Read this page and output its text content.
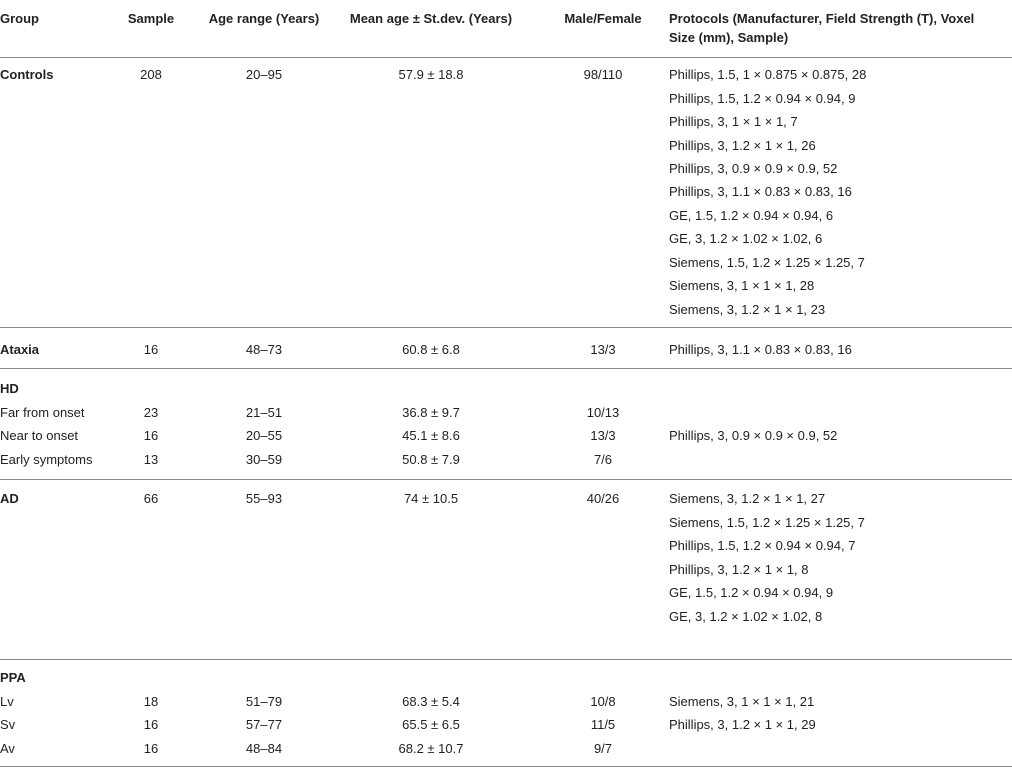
Group	Sample	Age range (Years)	Mean age ± St.dev. (Years)	Male/Female	Protocols (Manufacturer, Field Strength (T), Voxel
Size (mm), Sample)
Controls	208	20–95	57.9 ± 18.8	98/110	Phillips, 1.5, 1 × 0.875 × 0.875, 28
Phillips, 1.5, 1.2 × 0.94 × 0.94, 9
Phillips, 3, 1 × 1 × 1, 7
Phillips, 3, 1.2 × 1 × 1, 26
Phillips, 3, 0.9 × 0.9 × 0.9, 52
Phillips, 3, 1.1 × 0.83 × 0.83, 16
GE, 1.5, 1.2 × 0.94 × 0.94, 6
GE, 3, 1.2 × 1.02 × 1.02, 6
Siemens, 1.5, 1.2 × 1.25 × 1.25, 7
Siemens, 3, 1 × 1 × 1, 28
Siemens, 3, 1.2 × 1 × 1, 23
Ataxia	16	48–73	60.8 ± 6.8	13/3	Phillips, 3, 1.1 × 0.83 × 0.83, 16
HD
Far from onset	23	21–51	36.8 ± 9.7	10/13
Near to onset	16	20–55	45.1 ± 8.6	13/3	Phillips, 3, 0.9 × 0.9 × 0.9, 52
Early symptoms	13	30–59	50.8 ± 7.9	7/6
AD	66	55–93	74 ± 10.5	40/26	Siemens, 3, 1.2 × 1 × 1, 27
Siemens, 1.5, 1.2 × 1.25 × 1.25, 7
Phillips, 1.5, 1.2 × 0.94 × 0.94, 7
Phillips, 3, 1.2 × 1 × 1, 8
GE, 1.5, 1.2 × 0.94 × 0.94, 9
GE, 3, 1.2 × 1.02 × 1.02, 8
PPA
Lv	18	51–79	68.3 ± 5.4	10/8	Siemens, 3, 1 × 1 × 1, 21
Sv	16	57–77	65.5 ± 6.5	11/5	Phillips, 3, 1.2 × 1 × 1, 29
Av	16	48–84	68.2 ± 10.7	9/7
